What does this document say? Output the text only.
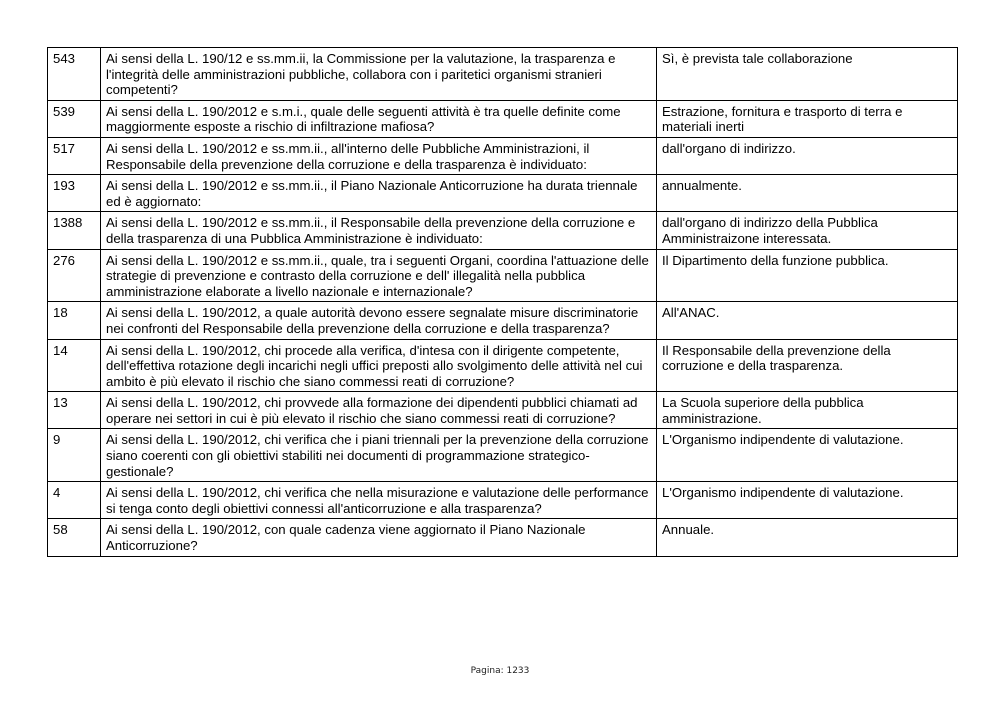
543	Ai sensi della L. 190/12 e ss.mm.ii, la Commissione per la valutazione, la trasparenza e l'integrità delle amministrazioni pubbliche, collabora con i paritetici organismi stranieri competenti?	Sì, è prevista tale collaborazione
539	Ai sensi della L. 190/2012 e s.m.i., quale delle seguenti attività è tra quelle definite come maggiormente esposte a rischio di infiltrazione mafiosa?	Estrazione, fornitura e trasporto di terra e materiali inerti
517	Ai sensi della L. 190/2012 e ss.mm.ii., all'interno delle Pubbliche Amministrazioni, il Responsabile della prevenzione della corruzione e della trasparenza è individuato:	dall'organo di indirizzo.
193	Ai sensi della L. 190/2012 e ss.mm.ii., il Piano Nazionale Anticorruzione ha durata triennale ed è aggiornato:	annualmente.
1388	Ai sensi della L. 190/2012 e ss.mm.ii., il Responsabile della prevenzione della corruzione e della trasparenza di una Pubblica Amministrazione è individuato:	dall'organo di indirizzo della Pubblica Amministraizone interessata.
276	Ai sensi della L. 190/2012 e ss.mm.ii., quale, tra i seguenti Organi, coordina l'attuazione delle strategie di prevenzione e contrasto della corruzione e dell' illegalità nella pubblica amministrazione elaborate a livello nazionale e internazionale?	Il Dipartimento della funzione pubblica.
18	Ai sensi della L. 190/2012, a quale autorità devono essere segnalate misure discriminatorie nei confronti del Responsabile della prevenzione della corruzione e della trasparenza?	All'ANAC.
14	Ai sensi della L. 190/2012, chi procede alla verifica, d'intesa con il dirigente competente, dell'effettiva rotazione degli incarichi negli uffici preposti allo svolgimento delle attività nel cui ambito è più elevato il rischio che siano commessi reati di corruzione?	Il Responsabile della prevenzione della corruzione e della trasparenza.
13	Ai sensi della L. 190/2012, chi provvede alla formazione dei dipendenti pubblici chiamati ad operare nei settori in cui è più elevato il rischio che siano commessi reati di corruzione?	La Scuola superiore della pubblica amministrazione.
9	Ai sensi della L. 190/2012, chi verifica che i piani triennali per la prevenzione della corruzione siano coerenti con gli obiettivi stabiliti nei documenti di programmazione strategico-gestionale?	L'Organismo indipendente di valutazione.
4	Ai sensi della L. 190/2012, chi verifica che nella misurazione e valutazione delle performance si tenga conto degli obiettivi connessi all'anticorruzione e alla trasparenza?	L'Organismo indipendente di valutazione.
58	Ai sensi della L. 190/2012, con quale cadenza viene aggiornato il Piano Nazionale Anticorruzione?	Annuale.
Pagina: 1233
